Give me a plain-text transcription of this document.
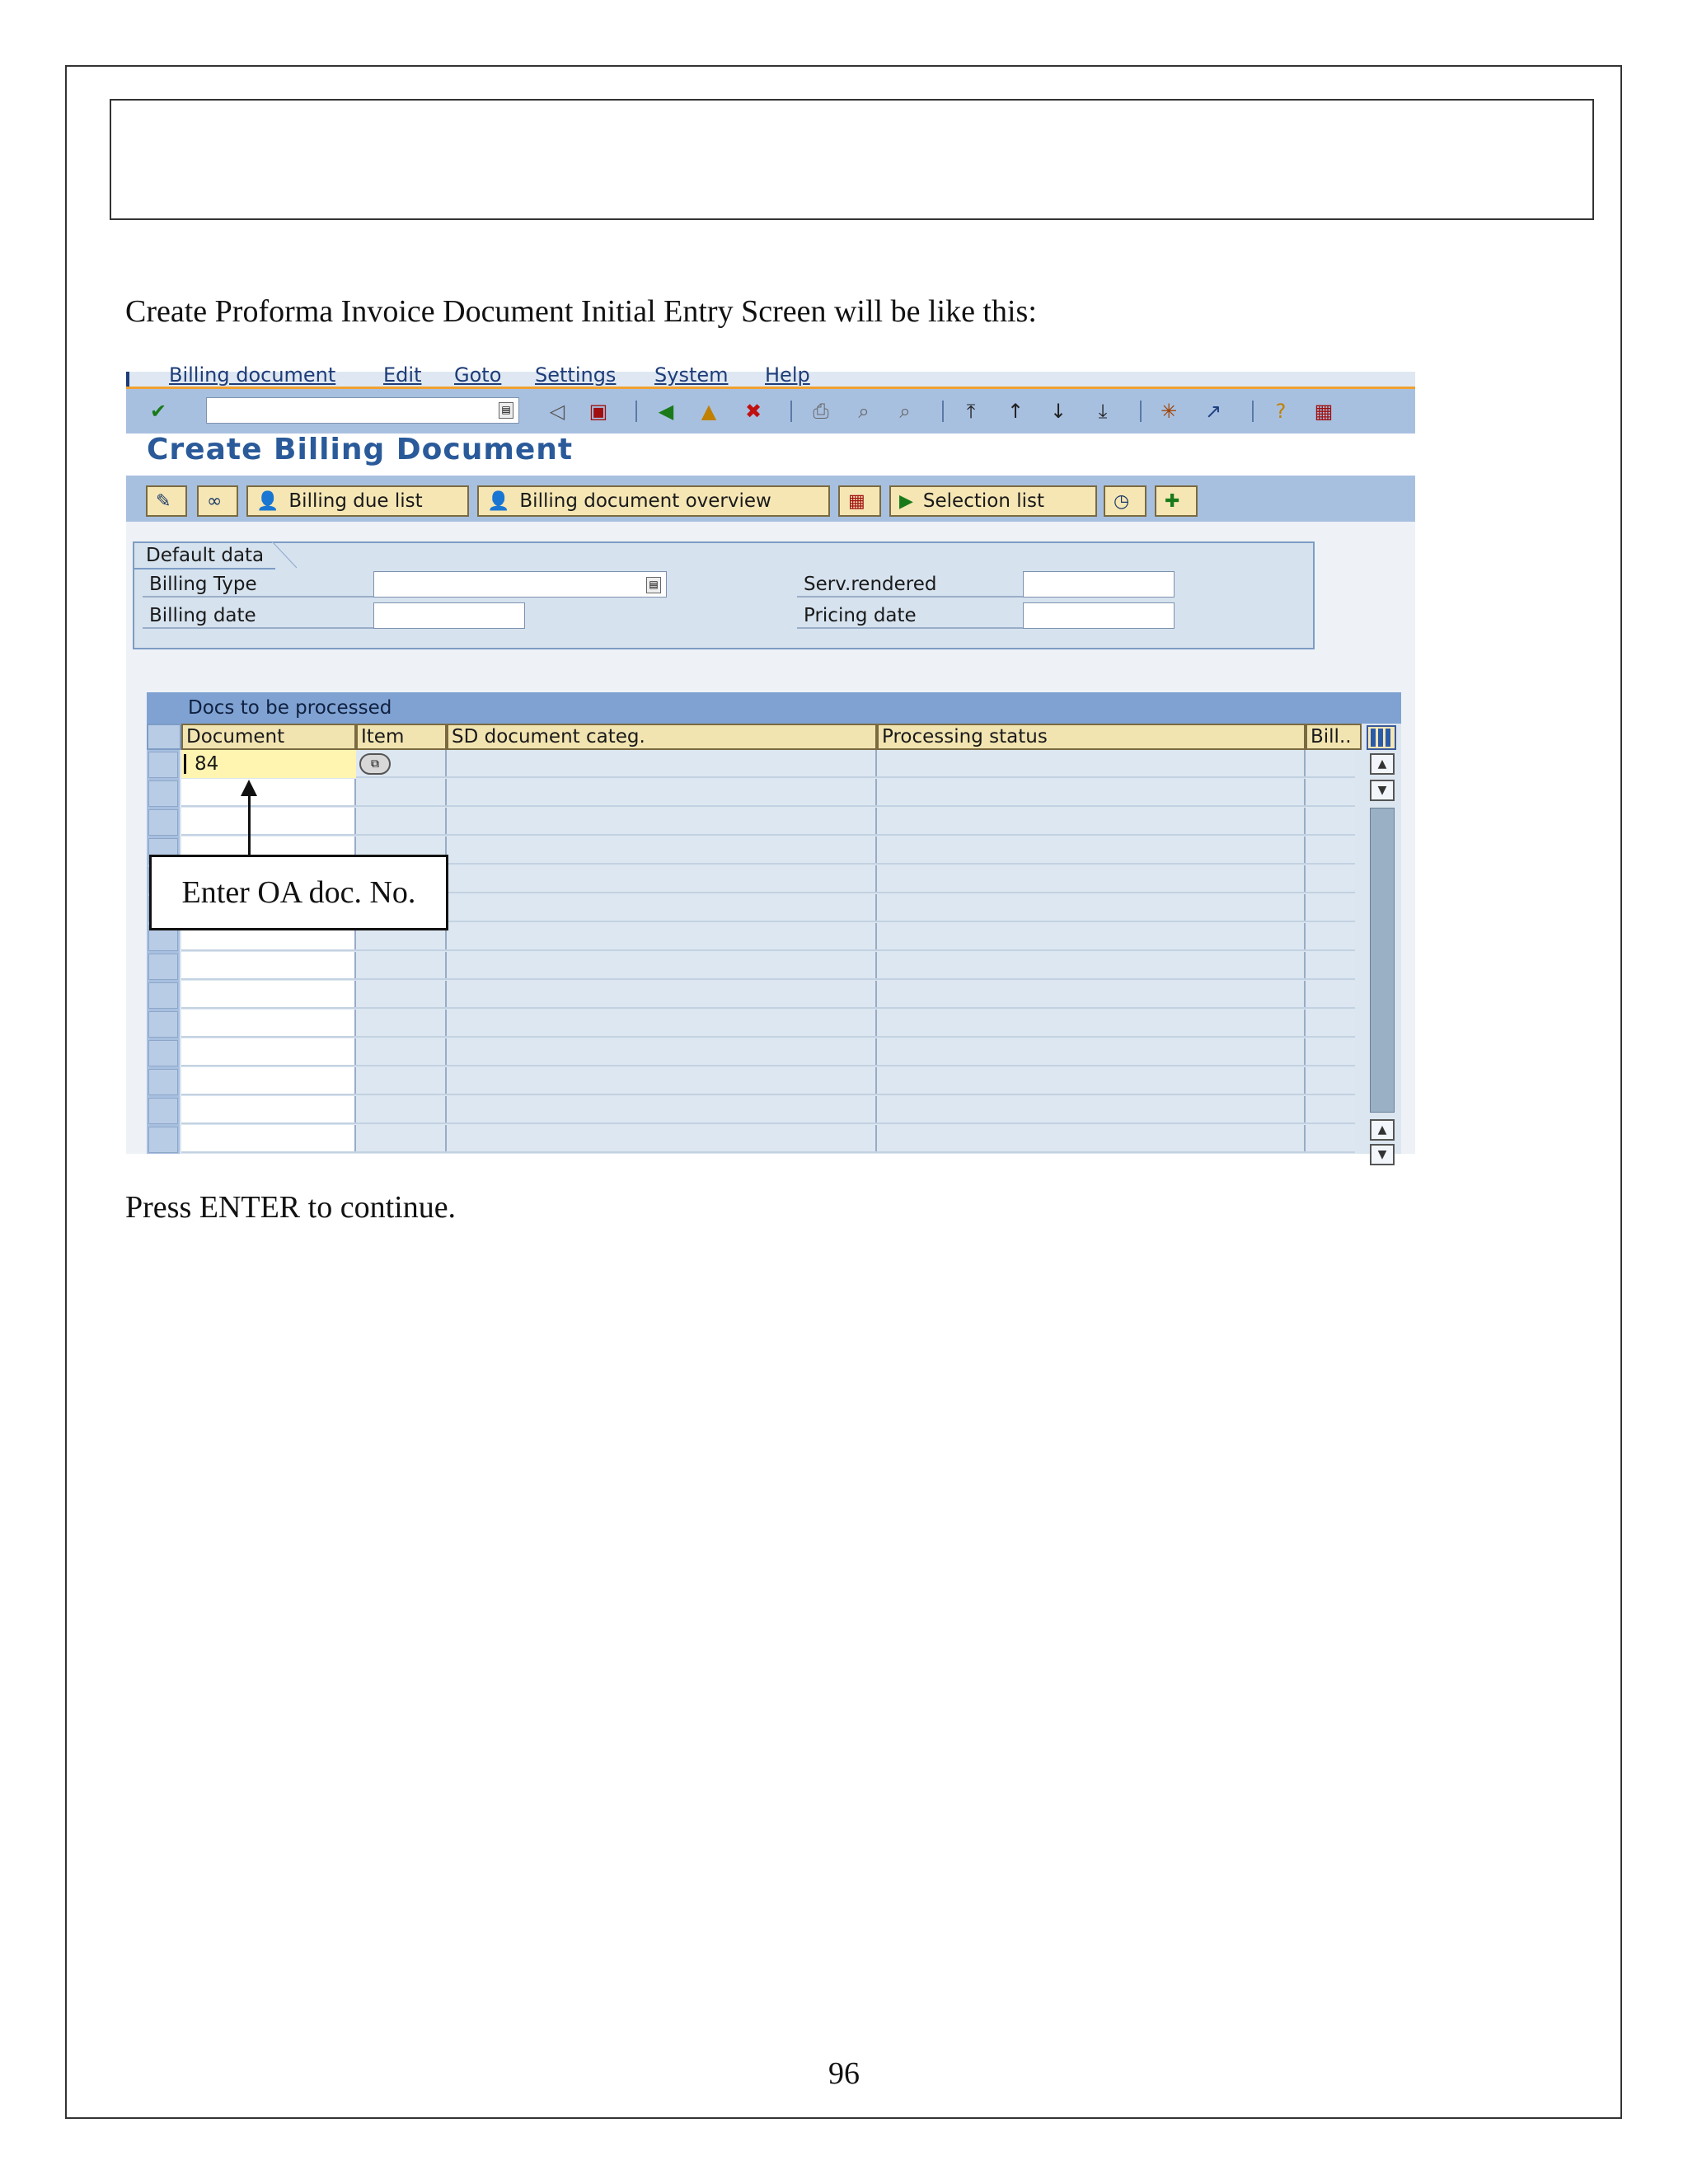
Create Proforma Invoice Document Initial Entry Screen will be like this:
Billing document Edit Goto Settings System Help
✔	▤ ◁ ▣	◀ ▲ ✖	⎙	⌕	⌕	⤒	↑ ↓	⤓	✳ ↗	?	▦
Create Billing Document
✎ ∞ 👤 Billing due list	👤 Billing document overview	▦ ▶ Selection list	◷ ✚
Default data
Billing Type	▤
Billing date
Serv.rendered
Pricing date
Docs to be processed
Document	Item	SD document categ.	Processing status	Bill..
84	⧉	▲
▼
▲
▼
Enter OA doc. No.
Press ENTER to continue.
96
